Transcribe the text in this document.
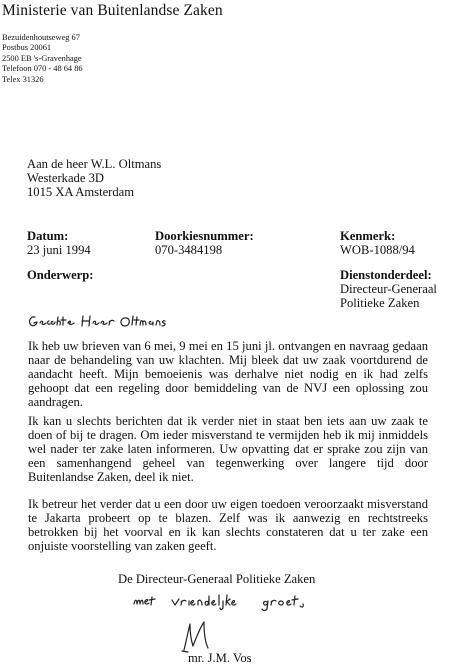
Ministerie van Buitenlandse Zaken
Bezuidenhoutseweg 67
Postbus 20061
2500 EB 's-Gravenhage
Telefoon 070 - 48 64 86
Telex 31326
Aan de heer W.L. Oltmans
Westerkade 3D
1015 XA Amsterdam
Datum:
23 juni 1994
Doorkiesnummer:
070-3484198
Kenmerk:
WOB-1088/94
Onderwerp:	Dienstonderdeel:
Directeur-Generaal
Politieke Zaken
Ik heb uw brieven van 6 mei, 9 mei en 15 juni jl. ontvangen en navraag gedaan naar de behandeling van uw klachten. Mij bleek dat uw zaak voortdurend de aandacht heeft. Mijn bemoeienis was derhalve niet nodig en ik had zelfs gehoopt dat een regeling door bemiddeling van de NVJ een oplossing zou aandragen.
Ik kan u slechts berichten dat ik verder niet in staat ben iets aan uw zaak te doen of bij te dragen. Om ieder misverstand te vermijden heb ik mij inmiddels wel nader ter zake laten informeren. Uw opvatting dat er sprake zou zijn van een samenhangend geheel van tegenwerking over langere tijd door Buitenlandse Zaken, deel ik niet.
Ik betreur het verder dat u een door uw eigen toedoen veroorzaakt misverstand te Jakarta probeert op te blazen. Zelf was ik aanwezig en rechtstreeks betrokken bij het voorval en ik kan slechts constateren dat u ter zake een onjuiste voorstelling van zaken geeft.
De Directeur-Generaal Politieke Zaken
mr. J.M. Vos
